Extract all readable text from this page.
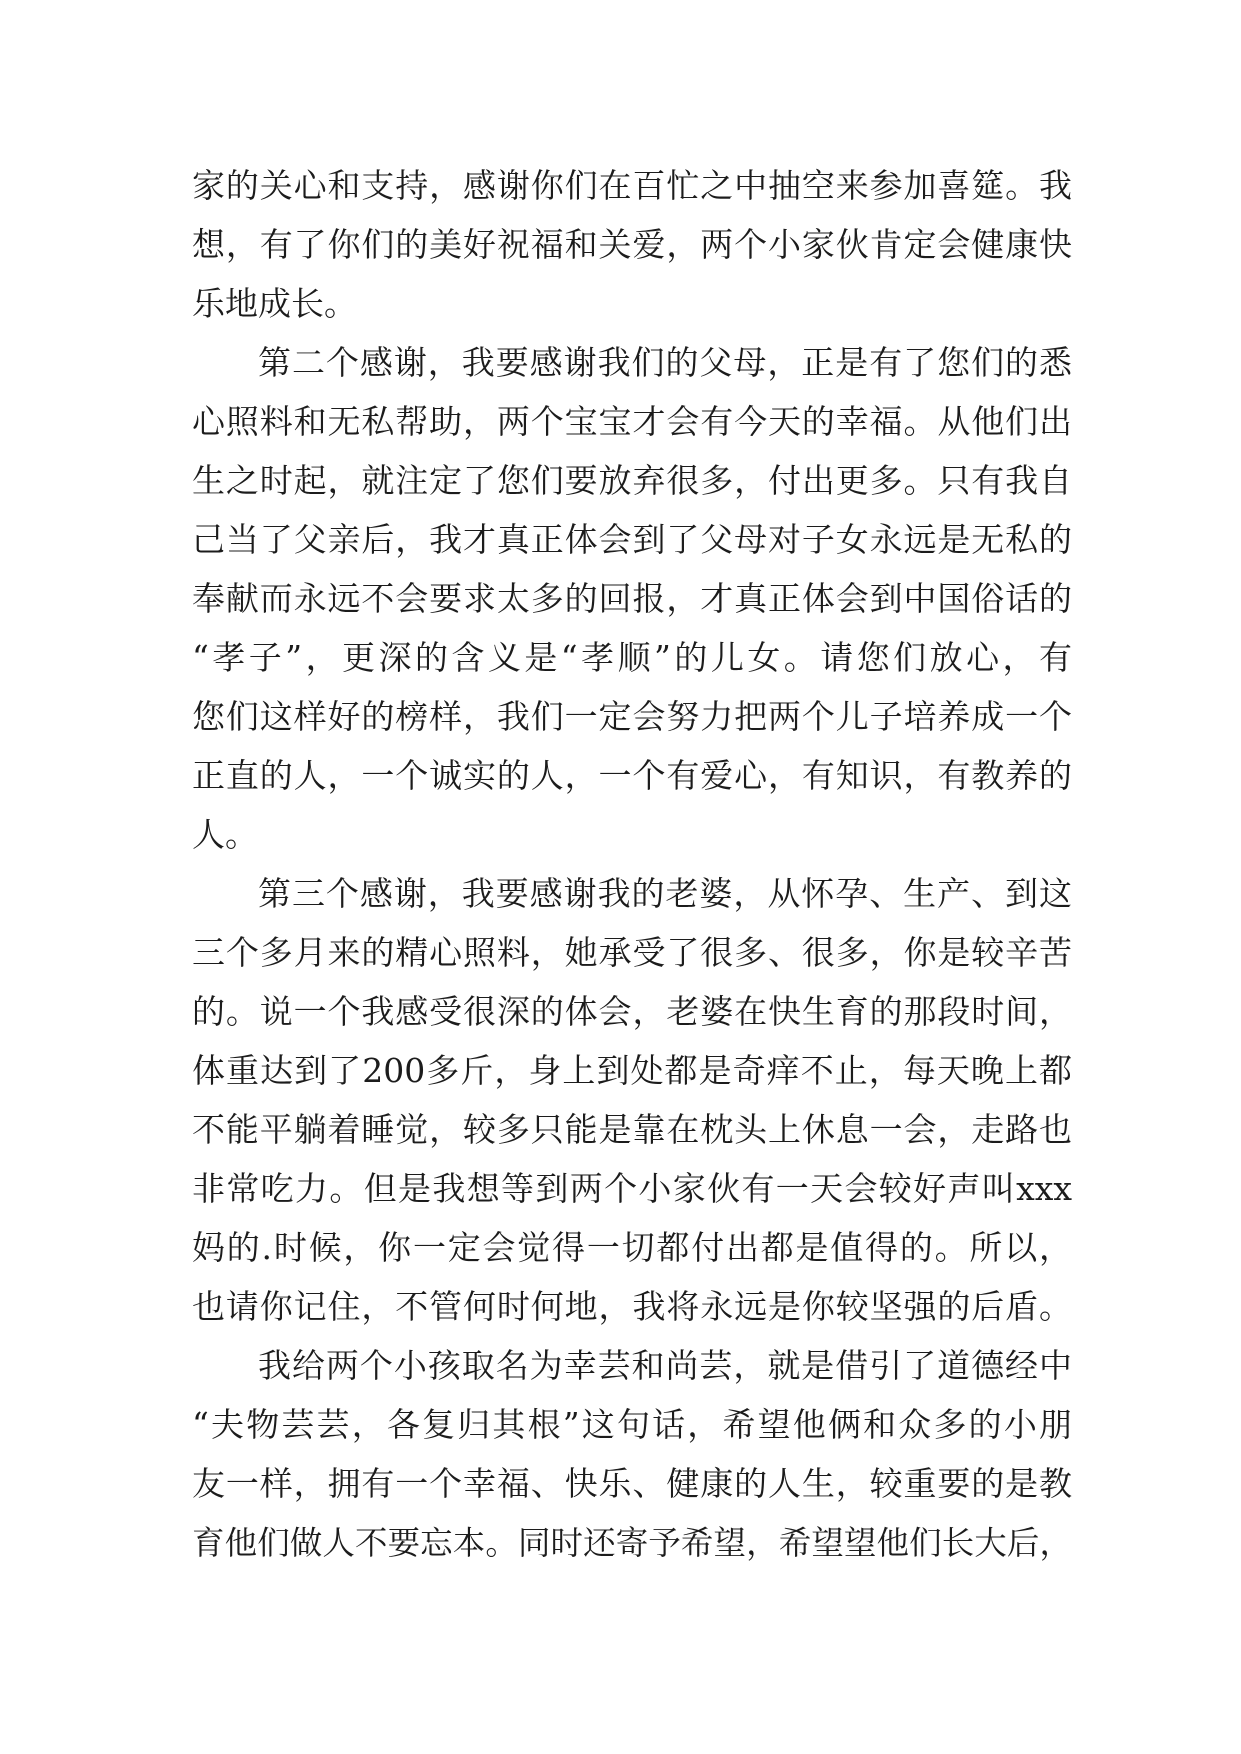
家的关心和支持，感谢你们在百忙之中抽空来参加喜筵。我
想，有了你们的美好祝福和关爱，两个小家伙肯定会健康快
乐地成长。
第二个感谢，我要感谢我们的父母，正是有了您们的悉
心照料和无私帮助，两个宝宝才会有今天的幸福。从他们出
生之时起，就注定了您们要放弃很多，付出更多。只有我自
己当了父亲后，我才真正体会到了父母对子女永远是无私的
奉献而永远不会要求太多的回报，才真正体会到中国俗话的
“孝子”，更深的含义是“孝顺”的儿女。请您们放心，有
您们这样好的榜样，我们一定会努力把两个儿子培养成一个
正直的人，一个诚实的人，一个有爱心，有知识，有教养的
人。
第三个感谢，我要感谢我的老婆，从怀孕、生产、到这
三个多月来的精心照料，她承受了很多、很多，你是较辛苦
的。说一个我感受很深的体会，老婆在快生育的那段时间，
体重达到了200多斤，身上到处都是奇痒不止，每天晚上都
不能平躺着睡觉，较多只能是靠在枕头上休息一会，走路也
非常吃力。但是我想等到两个小家伙有一天会较好声叫xxx
妈的.时候，你一定会觉得一切都付出都是值得的。所以，
也请你记住，不管何时何地，我将永远是你较坚强的后盾。
我给两个小孩取名为幸芸和尚芸，就是借引了道德经中
“夫物芸芸，各复归其根”这句话，希望他俩和众多的小朋
友一样，拥有一个幸福、快乐、健康的人生，较重要的是教
育他们做人不要忘本。同时还寄予希望，希望望他们长大后，
